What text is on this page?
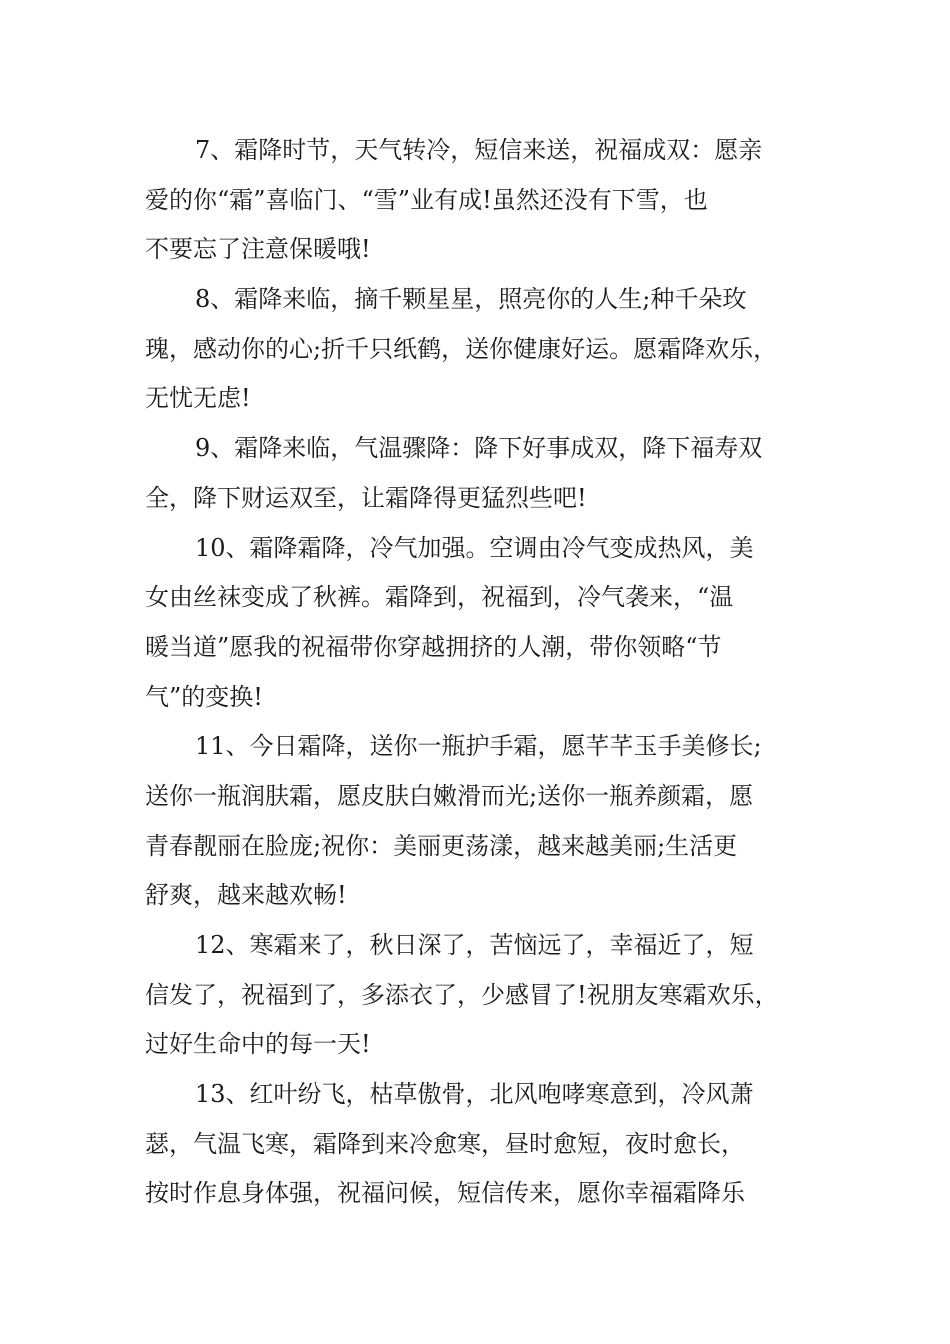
7、霜降时节，天气转冷，短信来送，祝福成双：愿亲
爱的你“霜”喜临门、“雪”业有成!虽然还没有下雪，也
不要忘了注意保暖哦!
8、霜降来临，摘千颗星星，照亮你的人生;种千朵玫
瑰，感动你的心;折千只纸鹤，送你健康好运。愿霜降欢乐，
无忧无虑!
9、霜降来临，气温骤降：降下好事成双，降下福寿双
全，降下财运双至，让霜降得更猛烈些吧!
10、霜降霜降，冷气加强。空调由冷气变成热风，美
女由丝袜变成了秋裤。霜降到，祝福到，冷气袭来，“温
暖当道”愿我的祝福带你穿越拥挤的人潮，带你领略“节
气”的变换!
11、今日霜降，送你一瓶护手霜，愿芊芊玉手美修长;
送你一瓶润肤霜，愿皮肤白嫩滑而光;送你一瓶养颜霜，愿
青春靓丽在脸庞;祝你：美丽更荡漾，越来越美丽;生活更
舒爽，越来越欢畅!
12、寒霜来了，秋日深了，苦恼远了，幸福近了，短
信发了，祝福到了，多添衣了，少感冒了!祝朋友寒霜欢乐，
过好生命中的每一天!
13、红叶纷飞，枯草傲骨，北风咆哮寒意到，冷风萧
瑟，气温飞寒，霜降到来冷愈寒，昼时愈短，夜时愈长，
按时作息身体强，祝福问候，短信传来，愿你幸福霜降乐
